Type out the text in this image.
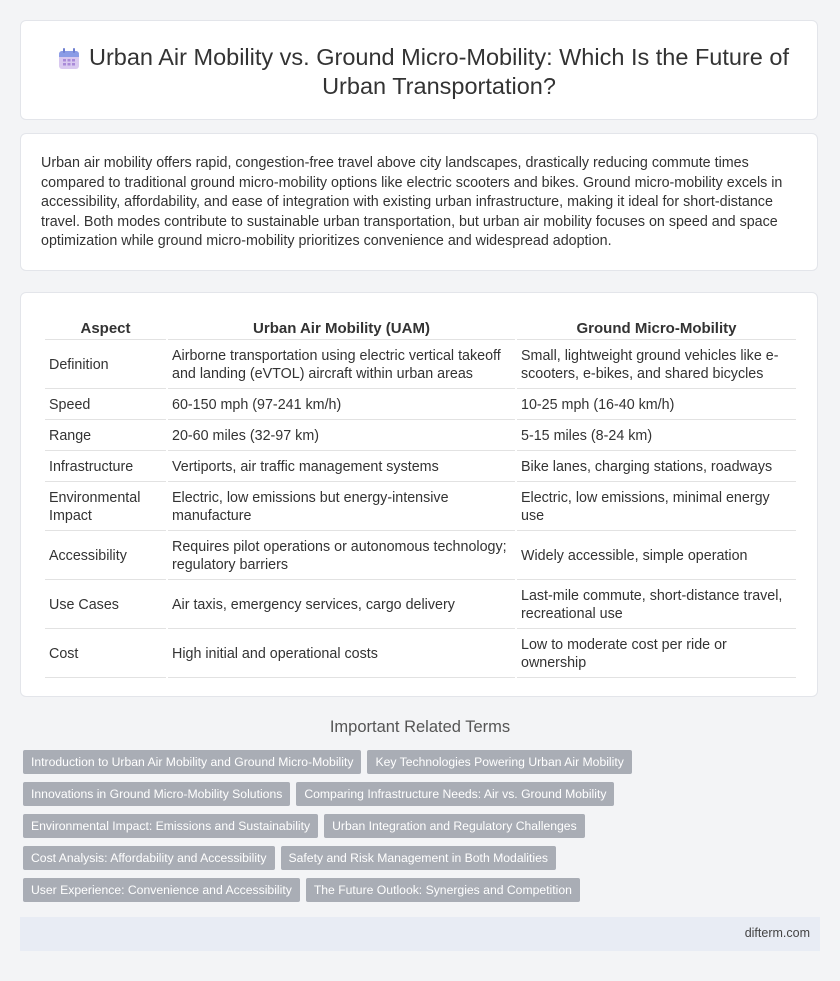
Urban Air Mobility vs. Ground Micro-Mobility: Which Is the Future of Urban Transportation?

Urban air mobility offers rapid, congestion-free travel above city landscapes, drastically reducing commute times compared to traditional ground micro-mobility options like electric scooters and bikes. Ground micro-mobility excels in accessibility, affordability, and ease of integration with existing urban infrastructure, making it ideal for short-distance travel. Both modes contribute to sustainable urban transportation, but urban air mobility focuses on speed and space optimization while ground micro-mobility prioritizes convenience and widespread adoption.

Aspect	Urban Air Mobility (UAM)	Ground Micro-Mobility
Definition	Airborne transportation using electric vertical takeoff and landing (eVTOL) aircraft within urban areas	Small, lightweight ground vehicles like e-scooters, e-bikes, and shared bicycles
Speed	60-150 mph (97-241 km/h)	10-25 mph (16-40 km/h)
Range	20-60 miles (32-97 km)	5-15 miles (8-24 km)
Infrastructure	Vertiports, air traffic management systems	Bike lanes, charging stations, roadways
Environmental Impact	Electric, low emissions but energy-intensive manufacture	Electric, low emissions, minimal energy use
Accessibility	Requires pilot operations or autonomous technology; regulatory barriers	Widely accessible, simple operation
Use Cases	Air taxis, emergency services, cargo delivery	Last-mile commute, short-distance travel, recreational use
Cost	High initial and operational costs	Low to moderate cost per ride or ownership
Important Related Terms
Introduction to Urban Air Mobility and Ground Micro-Mobility Key Technologies Powering Urban Air Mobility
Innovations in Ground Micro-Mobility Solutions Comparing Infrastructure Needs: Air vs. Ground Mobility
Environmental Impact: Emissions and Sustainability Urban Integration and Regulatory Challenges
Cost Analysis: Affordability and Accessibility Safety and Risk Management in Both Modalities
User Experience: Convenience and Accessibility The Future Outlook: Synergies and Competition
difterm.com
